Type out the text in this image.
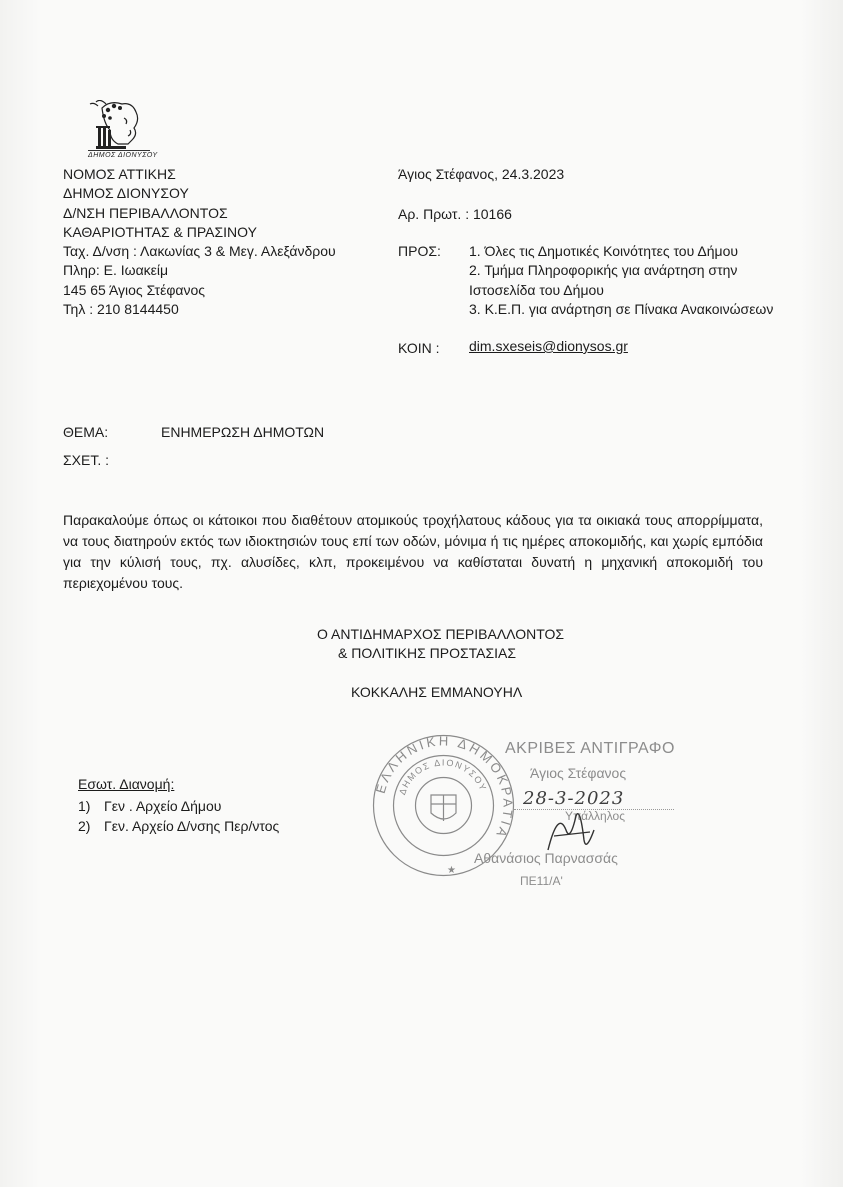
ΔΗΜΟΣ ΔΙΟΝΥΣΟΥ
ΝΟΜΟΣ ΑΤΤΙΚΗΣ
ΔΗΜΟΣ ΔΙΟΝΥΣΟΥ
Δ/ΝΣΗ ΠΕΡΙΒΑΛΛΟΝΤΟΣ
ΚΑΘΑΡΙΟΤΗΤΑΣ & ΠΡΑΣΙΝΟΥ
Ταχ. Δ/νση : Λακωνίας 3 & Μεγ. Αλεξάνδρου
Πληρ: Ε. Ιωακείμ
145 65 Άγιος Στέφανος
Τηλ : 210 8144450
Άγιος Στέφανος, 24.3.2023
Αρ. Πρωτ. : 10166
ΠΡΟΣ: 1. Όλες τις Δημοτικές Κοινότητες του Δήμου
2. Τμήμα Πληροφορικής για ανάρτηση στην
Ιστοσελίδα του Δήμου
3. Κ.Ε.Π. για ανάρτηση σε Πίνακα Ανακοινώσεων
ΚΟΙΝ : dim.sxeseis@dionysos.gr
ΘΕΜΑ:	ΕΝΗΜΕΡΩΣΗ ΔΗΜΟΤΩΝ
ΣΧΕΤ. :
Παρακαλούμε όπως οι κάτοικοι που διαθέτουν ατομικούς τροχήλατους κάδους για τα οικιακά τους απορρίμματα, να τους διατηρούν εκτός των ιδιοκτησιών τους επί των οδών, μόνιμα ή τις ημέρες αποκομιδής, και χωρίς εμπόδια για την κύλισή τους, πχ. αλυσίδες, κλπ, προκειμένου να καθίσταται δυνατή η μηχανική αποκομιδή του περιεχομένου τους.
Ο ΑΝΤΙΔΗΜΑΡΧΟΣ ΠΕΡΙΒΑΛΛΟΝΤΟΣ
& ΠΟΛΙΤΙΚΗΣ ΠΡΟΣΤΑΣΙΑΣ
ΚΟΚΚΑΛΗΣ ΕΜΜΑΝΟΥΗΛ
Εσωτ. Διανομή:
1) Γεν . Αρχείο Δήμου
2) Γεν. Αρχείο Δ/νσης Περ/ντος
ΕΛΛΗΝΙΚΗ ΔΗΜΟΚΡΑΤΙΑ
ΔΗΜΟΣ ΔΙΟΝΥΣΟΥ
★
ΑΚΡΙΒΕΣ ΑΝΤΙΓΡΑΦΟ
Άγιος Στέφανος
28-3-2023
Υπάλληλος
Αθανάσιος Παρνασσάς
ΠΕ11/Α'
